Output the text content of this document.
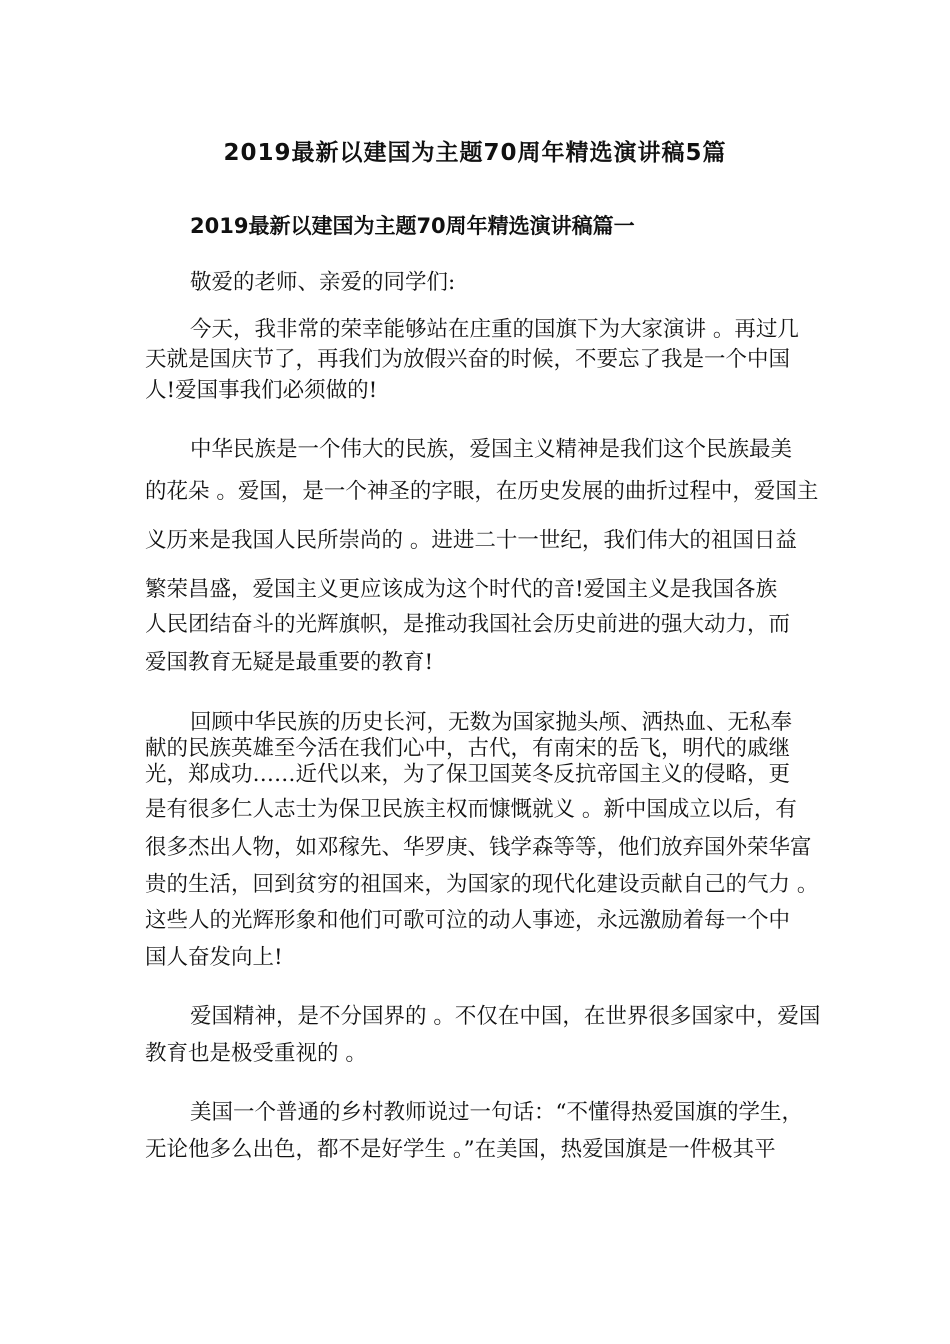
2019最新以建国为主题70周年精选演讲稿5篇
2019最新以建国为主题70周年精选演讲稿篇一

敬爱的老师、亲爱的同学们:

今天，我非常的荣幸能够站在庄重的国旗下为大家演讲 。再过几

天就是国庆节了，再我们为放假兴奋的时候，不要忘了我是一个中国

人!爱国事我们必须做的!

中华民族是一个伟大的民族，爱国主义精神是我们这个民族最美

的花朵 。爱国，是一个神圣的字眼，在历史发展的曲折过程中，爱国主

义历来是我国人民所崇尚的 。进进二十一世纪，我们伟大的祖国日益

繁荣昌盛，爱国主义更应该成为这个时代的音!爱国主义是我国各族

人民团结奋斗的光辉旗帜，是推动我国社会历史前进的强大动力，而

爱国教育无疑是最重要的教育!

回顾中华民族的历史长河，无数为国家抛头颅、洒热血、无私奉

献的民族英雄至今活在我们心中，古代，有南宋的岳飞，明代的戚继

光，郑成功……近代以来，为了保卫国荚冬反抗帝国主义的侵略，更

是有很多仁人志士为保卫民族主权而慷慨就义 。新中国成立以后，有

很多杰出人物，如邓稼先、华罗庚、钱学森等等，他们放弃国外荣华富

贵的生活，回到贫穷的祖国来，为国家的现代化建设贡献自己的气力 。

这些人的光辉形象和他们可歌可泣的动人事迹，永远激励着每一个中

国人奋发向上!

爱国精神，是不分国界的 。不仅在中国，在世界很多国家中，爱国

教育也是极受重视的 。

美国一个普通的乡村教师说过一句话：“不懂得热爱国旗的学生，

无论他多么出色，都不是好学生 。”在美国，热爱国旗是一件极其平
